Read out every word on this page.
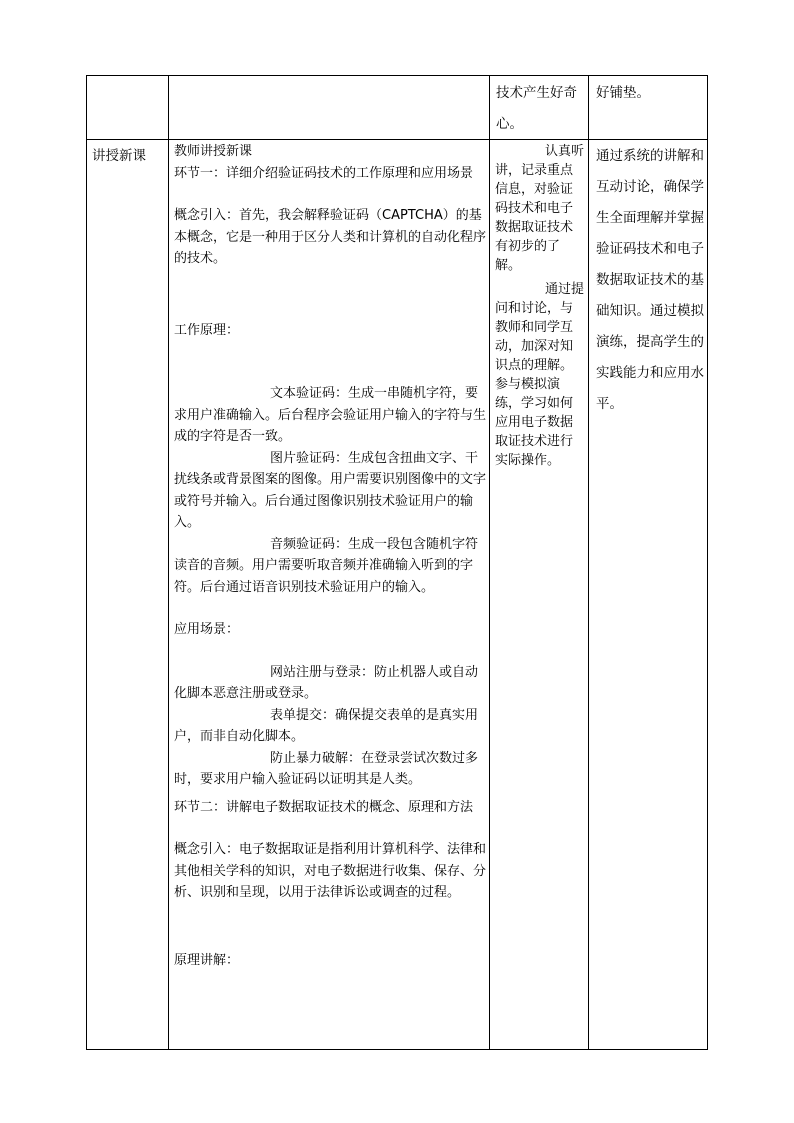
技术产生好奇
心。
好铺垫。
讲授新课	教师讲授新课

环节一：详细介绍验证码技术的工作原理和应用场景

概念引入：首先，我会解释验证码（CAPTCHA）的基本概念，它是一种用于区分人类和计算机的自动化程序的技术。

工作原理：

文本验证码：生成一串随机字符，要求用户准确输入。后台程序会验证用户输入的字符与生成的字符是否一致。

图片验证码：生成包含扭曲文字、干扰线条或背景图案的图像。用户需要识别图像中的文字或符号并输入。后台通过图像识别技术验证用户的输入。

音频验证码：生成一段包含随机字符读音的音频。用户需要听取音频并准确输入听到的字符。后台通过语音识别技术验证用户的输入。

应用场景：

网站注册与登录：防止机器人或自动化脚本恶意注册或登录。

表单提交：确保提交表单的是真实用户，而非自动化脚本。

防止暴力破解：在登录尝试次数过多时，要求用户输入验证码以证明其是人类。

环节二：讲解电子数据取证技术的概念、原理和方法

概念引入：电子数据取证是指利用计算机科学、法律和其他相关学科的知识，对电子数据进行收集、保存、分析、识别和呈现，以用于法律诉讼或调查的过程。

原理讲解：

认真听讲，记录重点信息，对验证码技术和电子数据取证技术有初步的了解。

通过提问和讨论，与教师和同学互动，加深对知识点的理解。参与模拟演练，学习如何应用电子数据取证技术进行实际操作。

通过系统的讲解和互动讨论，确保学生全面理解并掌握验证码技术和电子数据取证技术的基础知识。通过模拟演练，提高学生的实践能力和应用水平。
